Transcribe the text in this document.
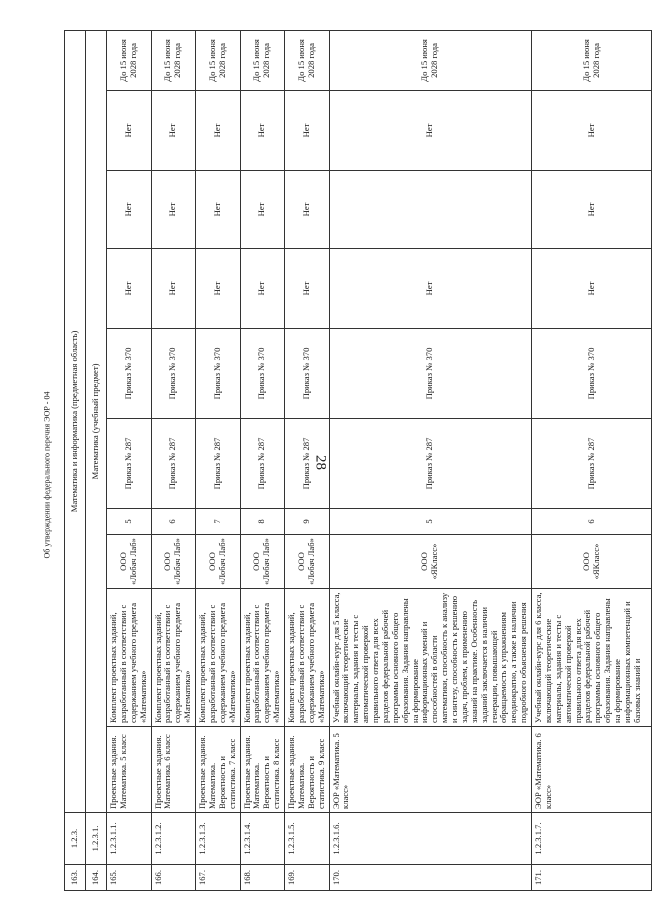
28
Об утверждении федерального перечня ЭОР - 04
163.	1.2.3.	Математика и информатика (предметная область)									
164.	1.2.3.1.	Математика (учебный предмет)									
165.	1.2.3.1.1.	Проектные задания. Математика. 5 класс	Комплект проектных заданий, разработанный в соответствии с содержанием учебного предмета «Математика»	ООО «Лобач Лаб»	5	Приказ № 287	Приказ № 370	Нет	Нет	Нет	До 15 июня 2028 года
166.	1.2.3.1.2.	Проектные задания. Математика. 6 класс	Комплект проектных заданий, разработанный в соответствии с содержанием учебного предмета «Математика»	ООО «Лобач Лаб»	6	Приказ № 287	Приказ № 370	Нет	Нет	Нет	До 15 июня 2028 года
167.	1.2.3.1.3.	Проектные задания. Математика. Вероятность и статистика. 7 класс	Комплект проектных заданий, разработанный в соответствии с содержанием учебного предмета «Математика»	ООО «Лобач Лаб»	7	Приказ № 287	Приказ № 370	Нет	Нет	Нет	До 15 июня 2028 года
168.	1.2.3.1.4.	Проектные задания. Математика. Вероятность и статистика. 8 класс	Комплект проектных заданий, разработанный в соответствии с содержанием учебного предмета «Математика»	ООО «Лобач Лаб»	8	Приказ № 287	Приказ № 370	Нет	Нет	Нет	До 15 июня 2028 года
169.	1.2.3.1.5.	Проектные задания. Математика. Вероятность и статистика. 9 класс	Комплект проектных заданий, разработанный в соответствии с содержанием учебного предмета «Математика»	ООО «Лобач Лаб»	9	Приказ № 287	Приказ № 370	Нет	Нет	Нет	До 15 июня 2028 года
170.	1.2.3.1.6.	ЭОР «Математика. 5 класс»	Учебный онлайн-курс для 5 класса, включающий теоретические материалы, задания и тесты с автоматической проверкой правильного ответа для всех разделов федеральной рабочей программы основного общего образования. Задания направлены на формирование информационных умений и способностей в области математики, способность к анализу и синтезу, способность к решению задач, проблем, к применению знаний на практике. Особенность заданий заключается в наличии генерации, повышающей обращаемость к упражнениям неоднократно, а также в наличии подробного объяснения решения	ООО «ЯКласс»	5	Приказ № 287	Приказ № 370	Нет		Нет	До 15 июня 2028 года
171.	1.2.3.1.7.	ЭОР «Математика. 6 класс»	Учебный онлайн-курс для 6 класса, включающий теоретические материалы, задания и тесты с автоматической проверкой правильного ответа для всех разделов федеральной рабочей программы основного общего образования. Задания направлены на формирование информационных компетенций и базовых знаний и	ООО «ЯКласс»	6	Приказ № 287	Приказ № 370	Нет	Нет	Нет	До 15 июня 2028 года
